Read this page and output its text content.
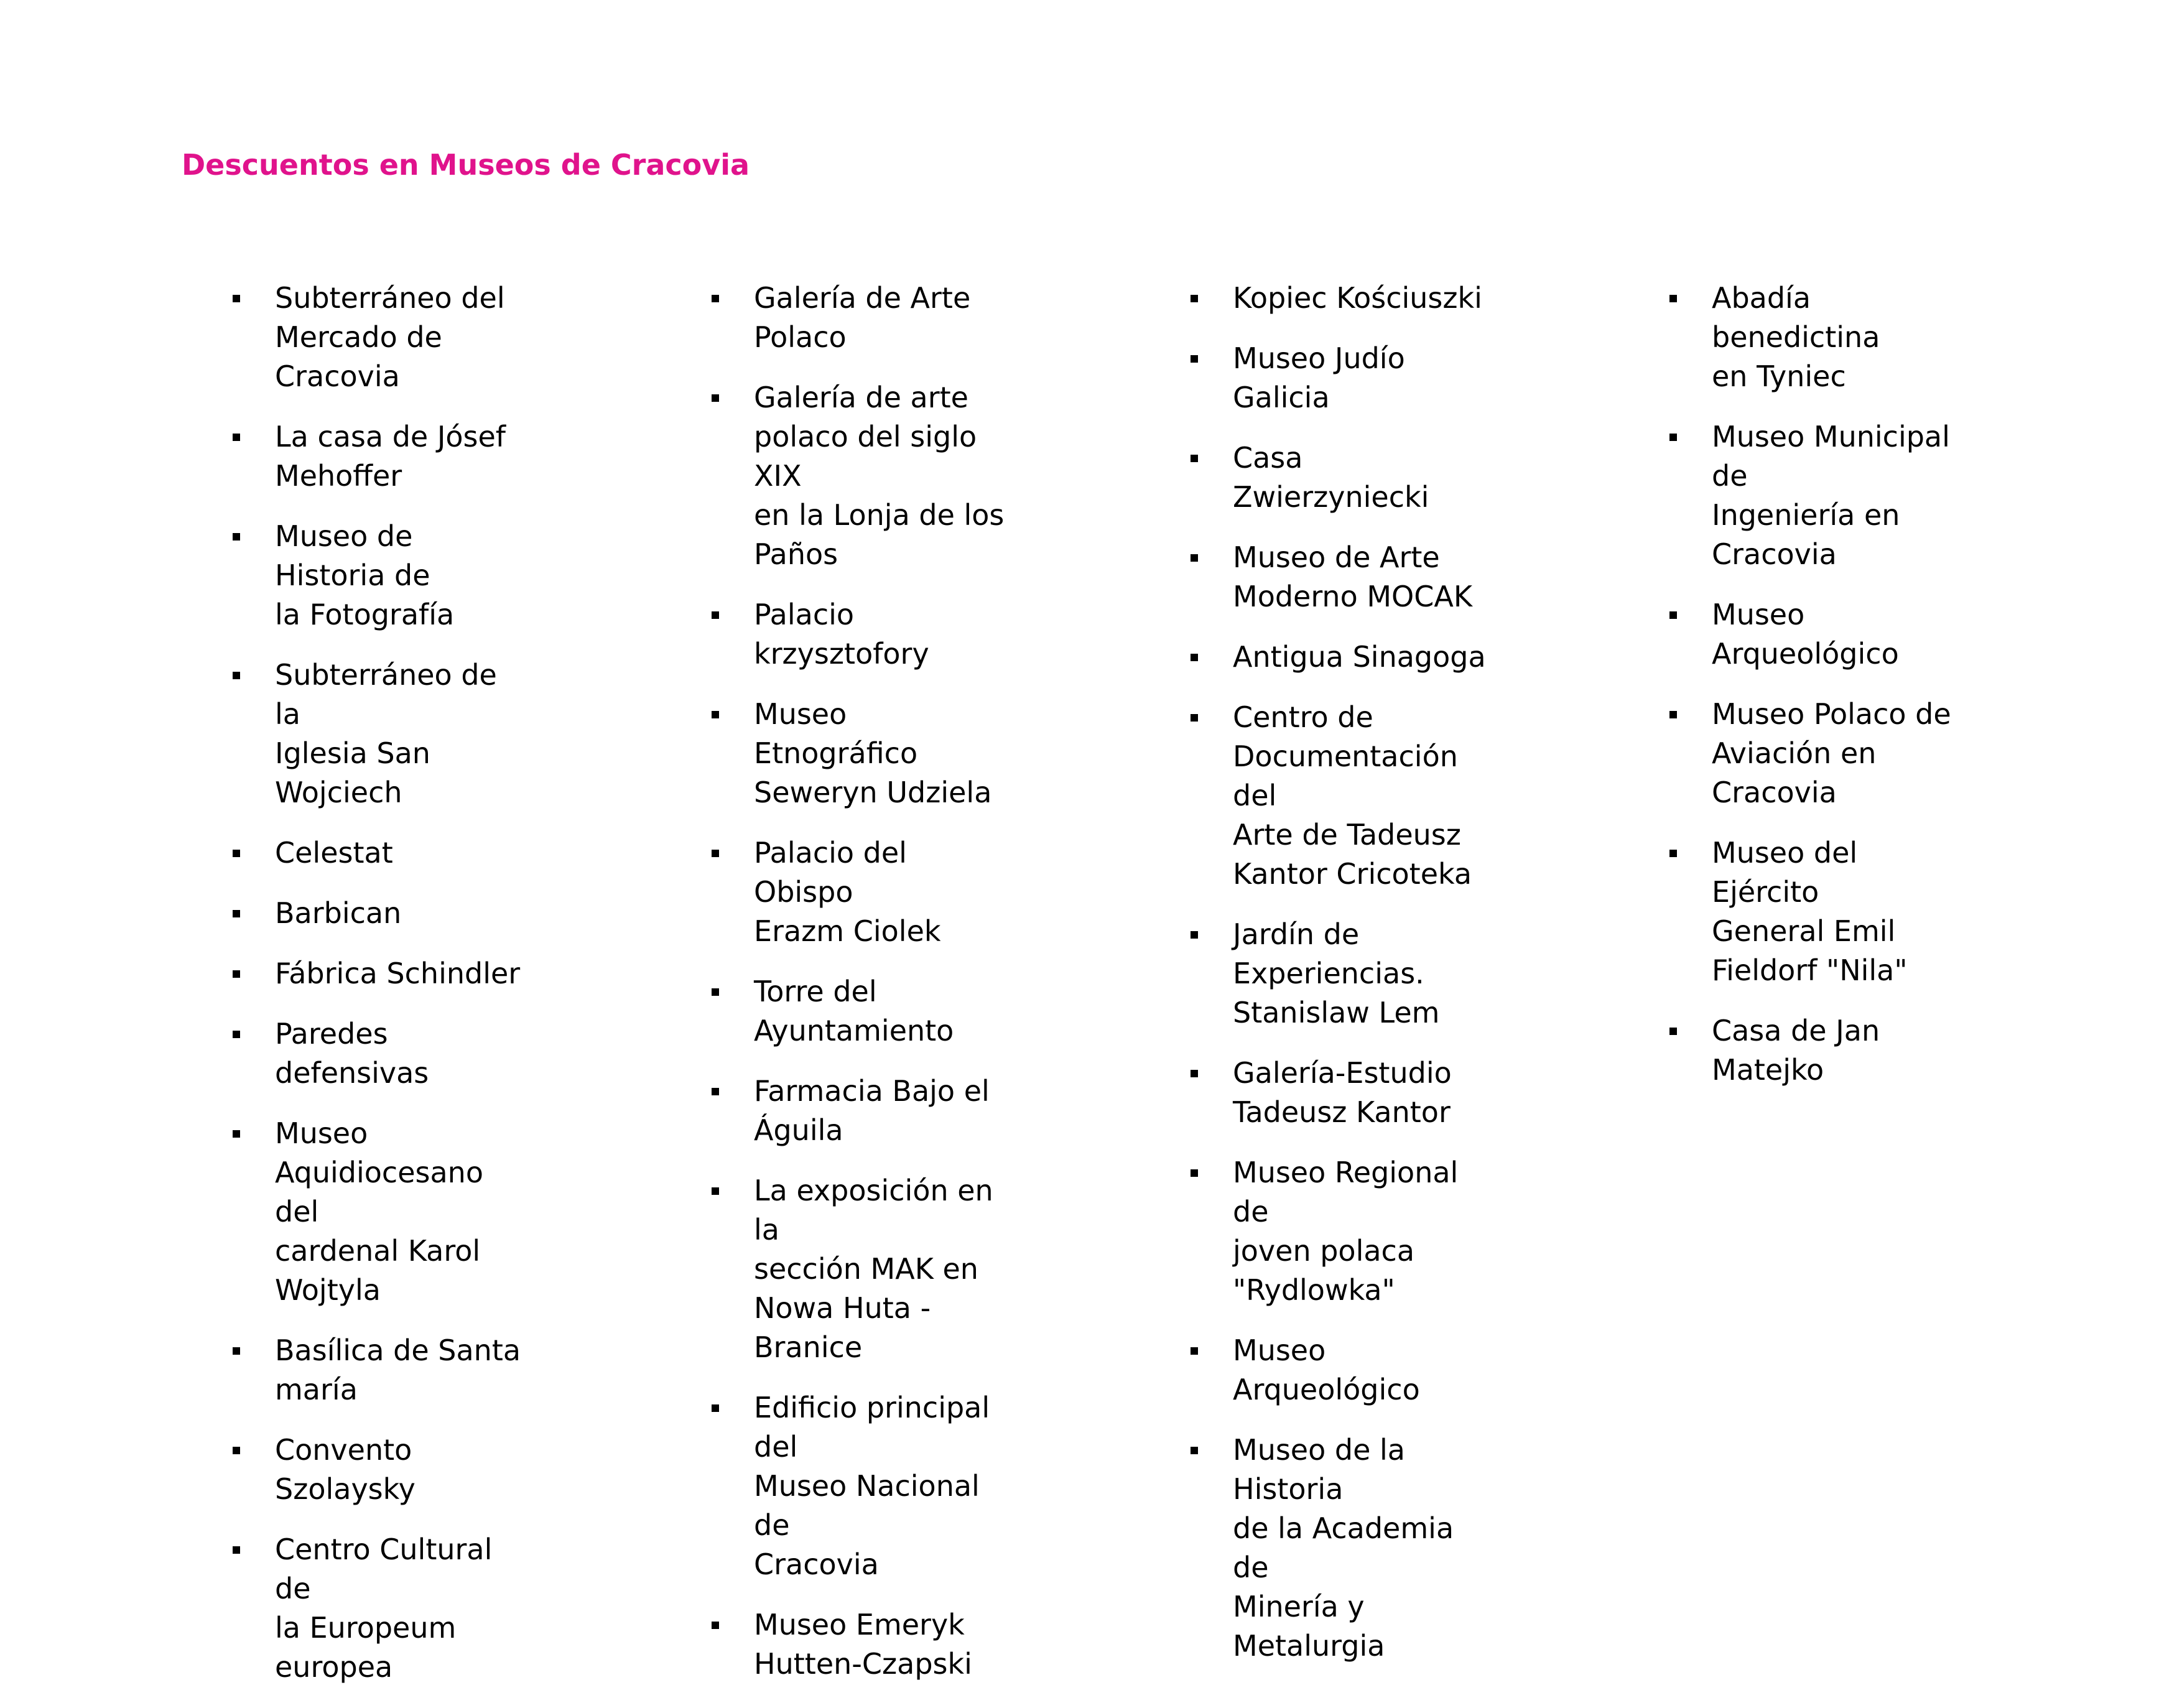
Descuentos en Museos de Cracovia
Subterráneo del
Mercado de Cracovia
La casa de Jósef
Mehoffer
Museo de Historia de
la Fotografía
Subterráneo de la
Iglesia San Wojciech
Celestat
Barbican
Fábrica Schindler
Paredes defensivas
Museo
Aquidiocesano del
cardenal Karol
Wojtyla
Basílica de Santa
maría
Convento Szolaysky
Centro Cultural de
la Europeum
europea
Galería de Arte
Polaco
Galería de arte
polaco del siglo XIX
en la Lonja de los
Paños
Palacio krzysztofory
Museo Etnográfico
Seweryn Udziela
Palacio del Obispo
Erazm Ciolek
Torre del
Ayuntamiento
Farmacia Bajo el
Águila
La exposición en la
sección MAK en
Nowa Huta - Branice
Edificio principal del
Museo Nacional de
Cracovia
Museo Emeryk
Hutten-Czapski
Kopiec Kościuszki
Museo Judío Galicia
Casa Zwierzyniecki
Museo de Arte
Moderno MOCAK
Antigua Sinagoga
Centro de
Documentación del
Arte de Tadeusz
Kantor Cricoteka
Jardín de
Experiencias.
Stanislaw Lem
Galería-Estudio
Tadeusz Kantor
Museo Regional de
joven polaca
"Rydlowka"
Museo Arqueológico
Museo de la Historia
de la Academia de
Minería y Metalurgia
Abadía benedictina
en Tyniec
Museo Municipal de
Ingeniería en
Cracovia
Museo Arqueológico
Museo Polaco de
Aviación en Cracovia
Museo del Ejército
General Emil
Fieldorf "Nila"
Casa de Jan Matejko
